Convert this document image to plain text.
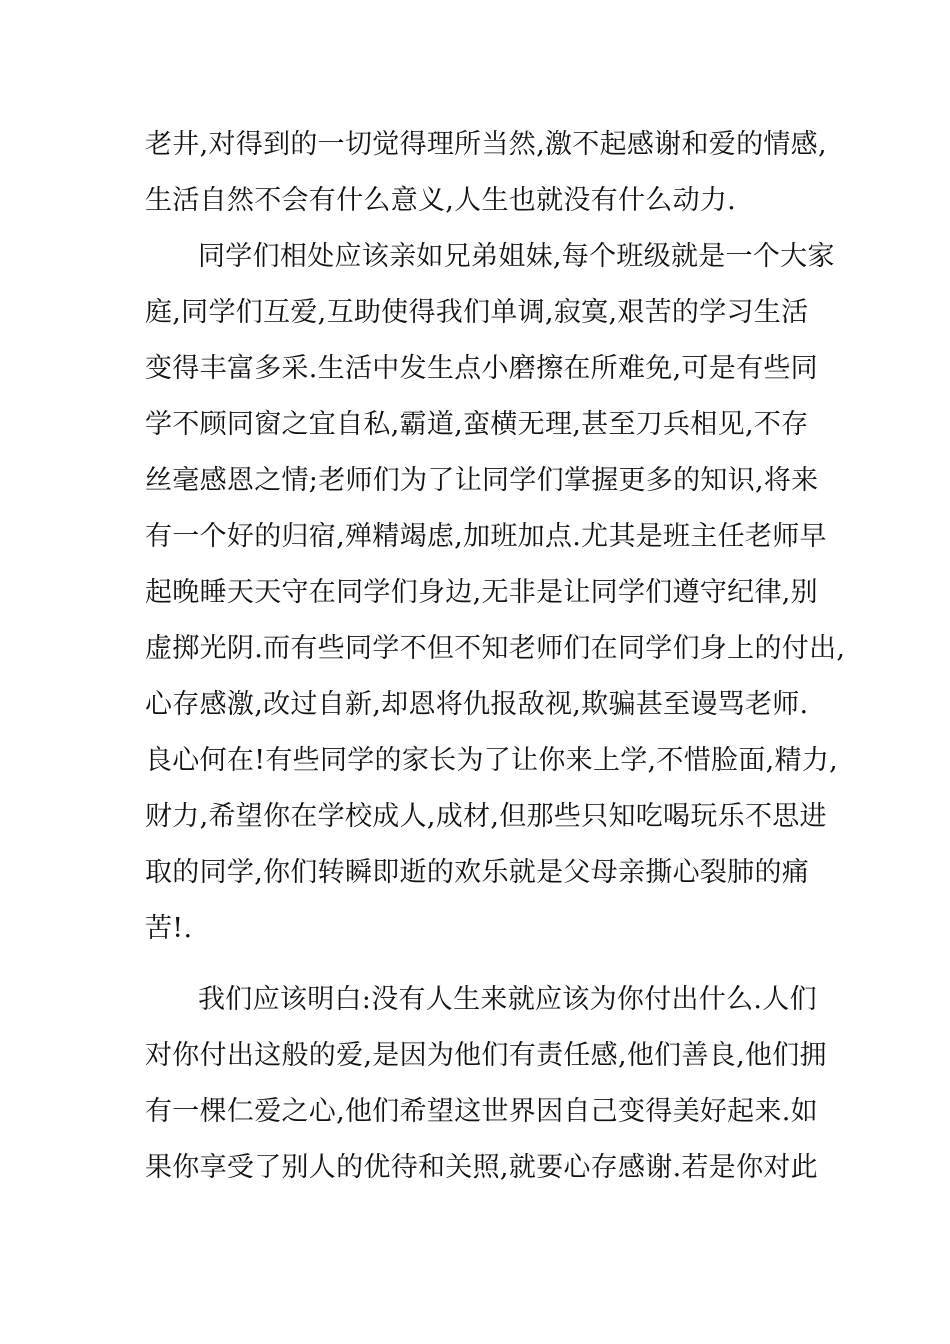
老井,对得到的一切觉得理所当然,激不起感谢和爱的情感,
生活自然不会有什么意义,人生也就没有什么动力.
同学们相处应该亲如兄弟姐妹,每个班级就是一个大家
庭,同学们互爱,互助使得我们单调,寂寞,艰苦的学习生活
变得丰富多采.生活中发生点小磨擦在所难免,可是有些同
学不顾同窗之宜自私,霸道,蛮横无理,甚至刀兵相见,不存
丝毫感恩之情;老师们为了让同学们掌握更多的知识,将来
有一个好的归宿,殚精竭虑,加班加点.尤其是班主任老师早
起晚睡天天守在同学们身边,无非是让同学们遵守纪律,别
虚掷光阴.而有些同学不但不知老师们在同学们身上的付出,
心存感激,改过自新,却恩将仇报敌视,欺骗甚至谩骂老师.
良心何在!有些同学的家长为了让你来上学,不惜脸面,精力,
财力,希望你在学校成人,成材,但那些只知吃喝玩乐不思进
取的同学,你们转瞬即逝的欢乐就是父母亲撕心裂肺的痛
苦!.
我们应该明白:没有人生来就应该为你付出什么.人们
对你付出这般的爱,是因为他们有责任感,他们善良,他们拥
有一棵仁爱之心,他们希望这世界因自己变得美好起来.如
果你享受了别人的优待和关照,就要心存感谢.若是你对此
